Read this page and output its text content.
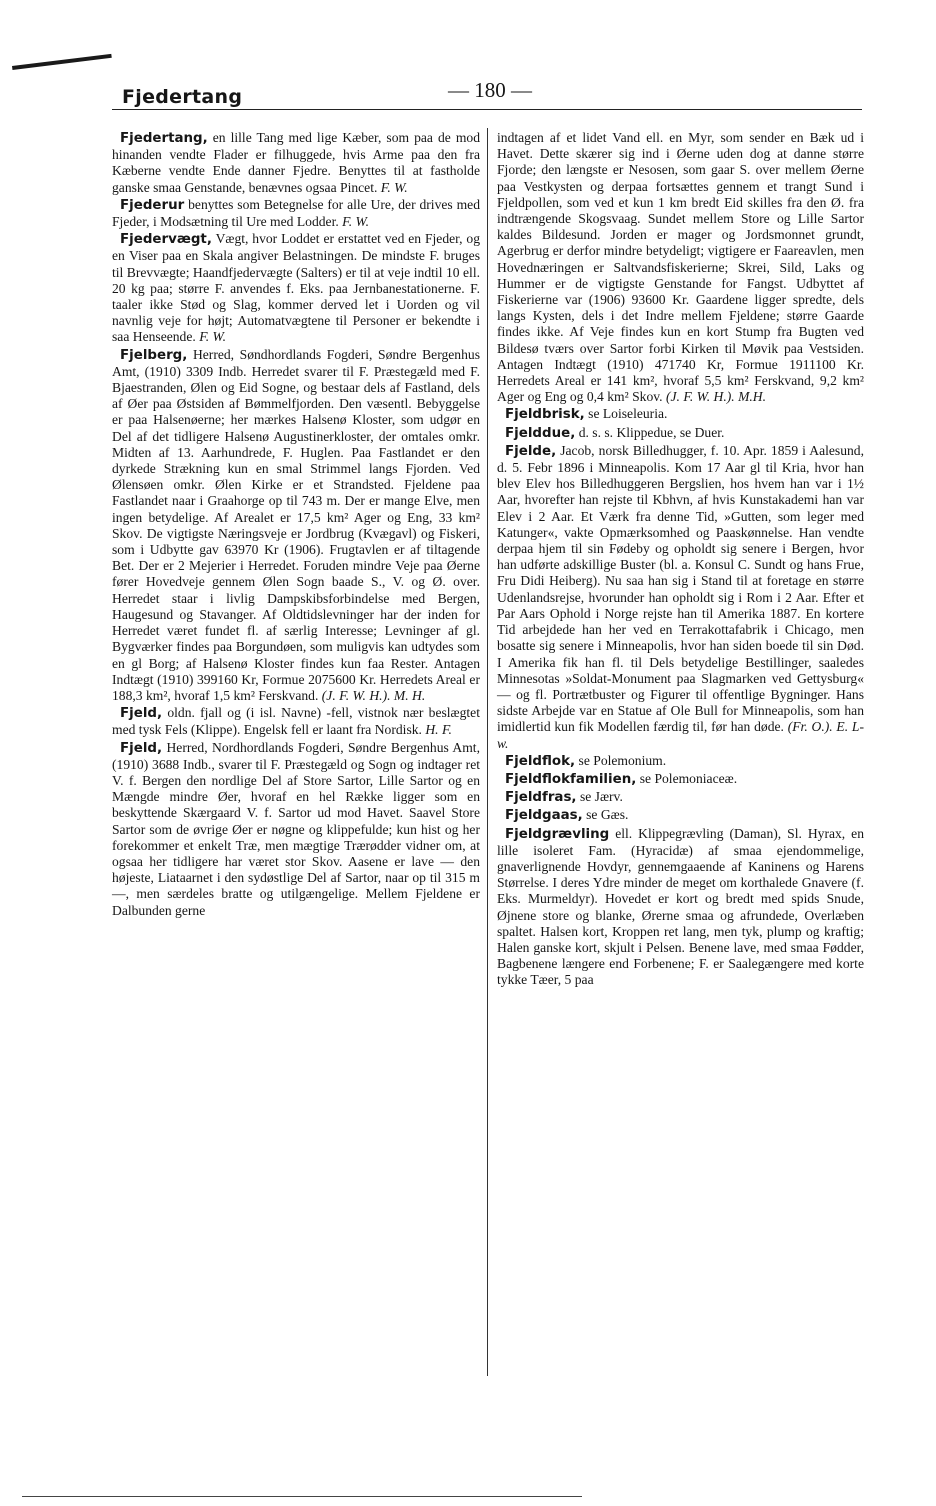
Fjedertang	— 180 —

Fjedertang, en lille Tang med lige Kæber, som paa de mod hinanden vendte Flader er filhuggede, hvis Arme paa den fra Kæberne vendte Ende danner Fjedre. Benyttes til at fastholde ganske smaa Genstande, benævnes ogsaa Pincet. F. W.

Fjederur benyttes som Betegnelse for alle Ure, der drives med Fjeder, i Modsætning til Ure med Lodder. F. W.

Fjedervægt, Vægt, hvor Loddet er erstattet ved en Fjeder, og en Viser paa en Skala angiver Belastningen. De mindste F. bruges til Brevvægte; Haandfjedervægte (Salters) er til at veje indtil 10 ell. 20 kg paa; større F. anvendes f. Eks. paa Jernbanestationerne. F. taaler ikke Stød og Slag, kommer derved let i Uorden og vil navnlig veje for højt; Automatvægtene til Personer er bekendte i saa Henseende. F. W.

Fjelberg, Herred, Søndhordlands Fogderi, Søndre Bergenhus Amt, (1910) 3309 Indb. Herredet svarer til F. Præstegæld med F. Bjaestranden, Ølen og Eid Sogne, og bestaar dels af Fastland, dels af Øer paa Østsiden af Bømmelfjorden. Den væsentl. Bebyggelse er paa Halsenøerne; her mærkes Halsenø Kloster, som udgør en Del af det tidligere Halsenø Augustinerkloster, der omtales omkr. Midten af 13. Aarhundrede, F. Huglen. Paa Fastlandet er den dyrkede Strækning kun en smal Strimmel langs Fjorden. Ved Ølensøen omkr. Ølen Kirke er et Strandsted. Fjeldene paa Fastlandet naar i Graahorge op til 743 m. Der er mange Elve, men ingen betydelige. Af Arealet er 17,5 km² Ager og Eng, 33 km² Skov. De vigtigste Næringsveje er Jordbrug (Kvægavl) og Fiskeri, som i Udbytte gav 63970 Kr (1906). Frugtavlen er af tiltagende Bet. Der er 2 Mejerier i Herredet. Foruden mindre Veje paa Øerne fører Hovedveje gennem Ølen Sogn baade S., V. og Ø. over. Herredet staar i livlig Dampskibsforbindelse med Bergen, Haugesund og Stavanger. Af Oldtidslevninger har der inden for Herredet været fundet fl. af særlig Interesse; Levninger af gl. Bygværker findes paa Borgundøen, som muligvis kan udtydes som en gl Borg; af Halsenø Kloster findes kun faa Rester. Antagen Indtægt (1910) 399160 Kr, Formue 2075600 Kr. Herredets Areal er 188,3 km², hvoraf 1,5 km² Ferskvand. (J. F. W. H.). M. H.

Fjeld, oldn. fjall og (i isl. Navne) -fell, vistnok nær beslægtet med tysk Fels (Klippe). Engelsk fell er laant fra Nordisk. H. F.

Fjeld, Herred, Nordhordlands Fogderi, Søndre Bergenhus Amt, (1910) 3688 Indb., svarer til F. Præstegæld og Sogn og indtager ret V. f. Bergen den nordlige Del af Store Sartor, Lille Sartor og en Mængde mindre Øer, hvoraf en hel Række ligger som en beskyttende Skærgaard V. f. Sartor ud mod Havet. Saavel Store Sartor som de øvrige Øer er nøgne og klippefulde; kun hist og her forekommer et enkelt Træ, men mægtige Trærødder vidner om, at ogsaa her tidligere har været stor Skov. Aasene er lave — den højeste, Liataarnet i den sydøstlige Del af Sartor, naar op til 315 m —, men særdeles bratte og utilgængelige. Mellem Fjeldene er Dalbunden gerne

indtagen af et lidet Vand ell. en Myr, som sender en Bæk ud i Havet. Dette skærer sig ind i Øerne uden dog at danne større Fjorde; den længste er Nesosen, som gaar S. over mellem Øerne paa Vestkysten og derpaa fortsættes gennem et trangt Sund i Fjeldpollen, som ved et kun 1 km bredt Eid skilles fra den Ø. fra indtrængende Skogsvaag. Sundet mellem Store og Lille Sartor kaldes Bildesund. Jorden er mager og Jordsmonnet grundt, Agerbrug er derfor mindre betydeligt; vigtigere er Faareavlen, men Hovednæringen er Saltvandsfiskerierne; Skrei, Sild, Laks og Hummer er de vigtigste Genstande for Fangst. Udbyttet af Fiskerierne var (1906) 93600 Kr. Gaardene ligger spredte, dels langs Kysten, dels i det Indre mellem Fjeldene; større Gaarde findes ikke. Af Veje findes kun en kort Stump fra Bugten ved Bildesø tværs over Sartor forbi Kirken til Møvik paa Vestsiden. Antagen Indtægt (1910) 471740 Kr, Formue 1911100 Kr. Herredets Areal er 141 km², hvoraf 5,5 km² Ferskvand, 9,2 km² Ager og Eng og 0,4 km² Skov. (J. F. W. H.). M.H.

Fjeldbrisk, se Loiseleuria.

Fjelddue, d. s. s. Klippedue, se Duer.

Fjelde, Jacob, norsk Billedhugger, f. 10. Apr. 1859 i Aalesund, d. 5. Febr 1896 i Minneapolis. Kom 17 Aar gl til Kria, hvor han blev Elev hos Billedhuggeren Bergslien, hos hvem han var i 1½ Aar, hvorefter han rejste til Kbhvn, af hvis Kunstakademi han var Elev i 2 Aar. Et Værk fra denne Tid, »Gutten, som leger med Katunger«, vakte Opmærksomhed og Paaskønnelse. Han vendte derpaa hjem til sin Fødeby og opholdt sig senere i Bergen, hvor han udførte adskillige Buster (bl. a. Konsul C. Sundt og hans Frue, Fru Didi Heiberg). Nu saa han sig i Stand til at foretage en større Udenlandsrejse, hvorunder han opholdt sig i Rom i 2 Aar. Efter et Par Aars Ophold i Norge rejste han til Amerika 1887. En kortere Tid arbejdede han her ved en Terrakottafabrik i Chicago, men bosatte sig senere i Minneapolis, hvor han siden boede til sin Død. I Amerika fik han fl. til Dels betydelige Bestillinger, saaledes Minnesotas »Soldat-Monument paa Slagmarken ved Gettysburg« — og fl. Portrætbuster og Figurer til offentlige Bygninger. Hans sidste Arbejde var en Statue af Ole Bull for Minneapolis, som han imidlertid kun fik Modellen færdig til, før han døde. (Fr. O.). E. L-w.

Fjeldflok, se Polemonium.

Fjeldflokfamilien, se Polemoniaceæ.

Fjeldfras, se Jærv.

Fjeldgaas, se Gæs.

Fjeldgrævling ell. Klippegrævling (Daman), Sl. Hyrax, en lille isoleret Fam. (Hyracidæ) af smaa ejendommelige, gnaverlignende Hovdyr, gennemgaaende af Kaninens og Harens Størrelse. I deres Ydre minder de meget om korthalede Gnavere (f. Eks. Murmeldyr). Hovedet er kort og bredt med spids Snude, Øjnene store og blanke, Ørerne smaa og afrundede, Overlæben spaltet. Halsen kort, Kroppen ret lang, men tyk, plump og kraftig; Halen ganske kort, skjult i Pelsen. Benene lave, med smaa Fødder, Bagbenene længere end Forbenene; F. er Saalegængere med korte tykke Tæer, 5 paa
